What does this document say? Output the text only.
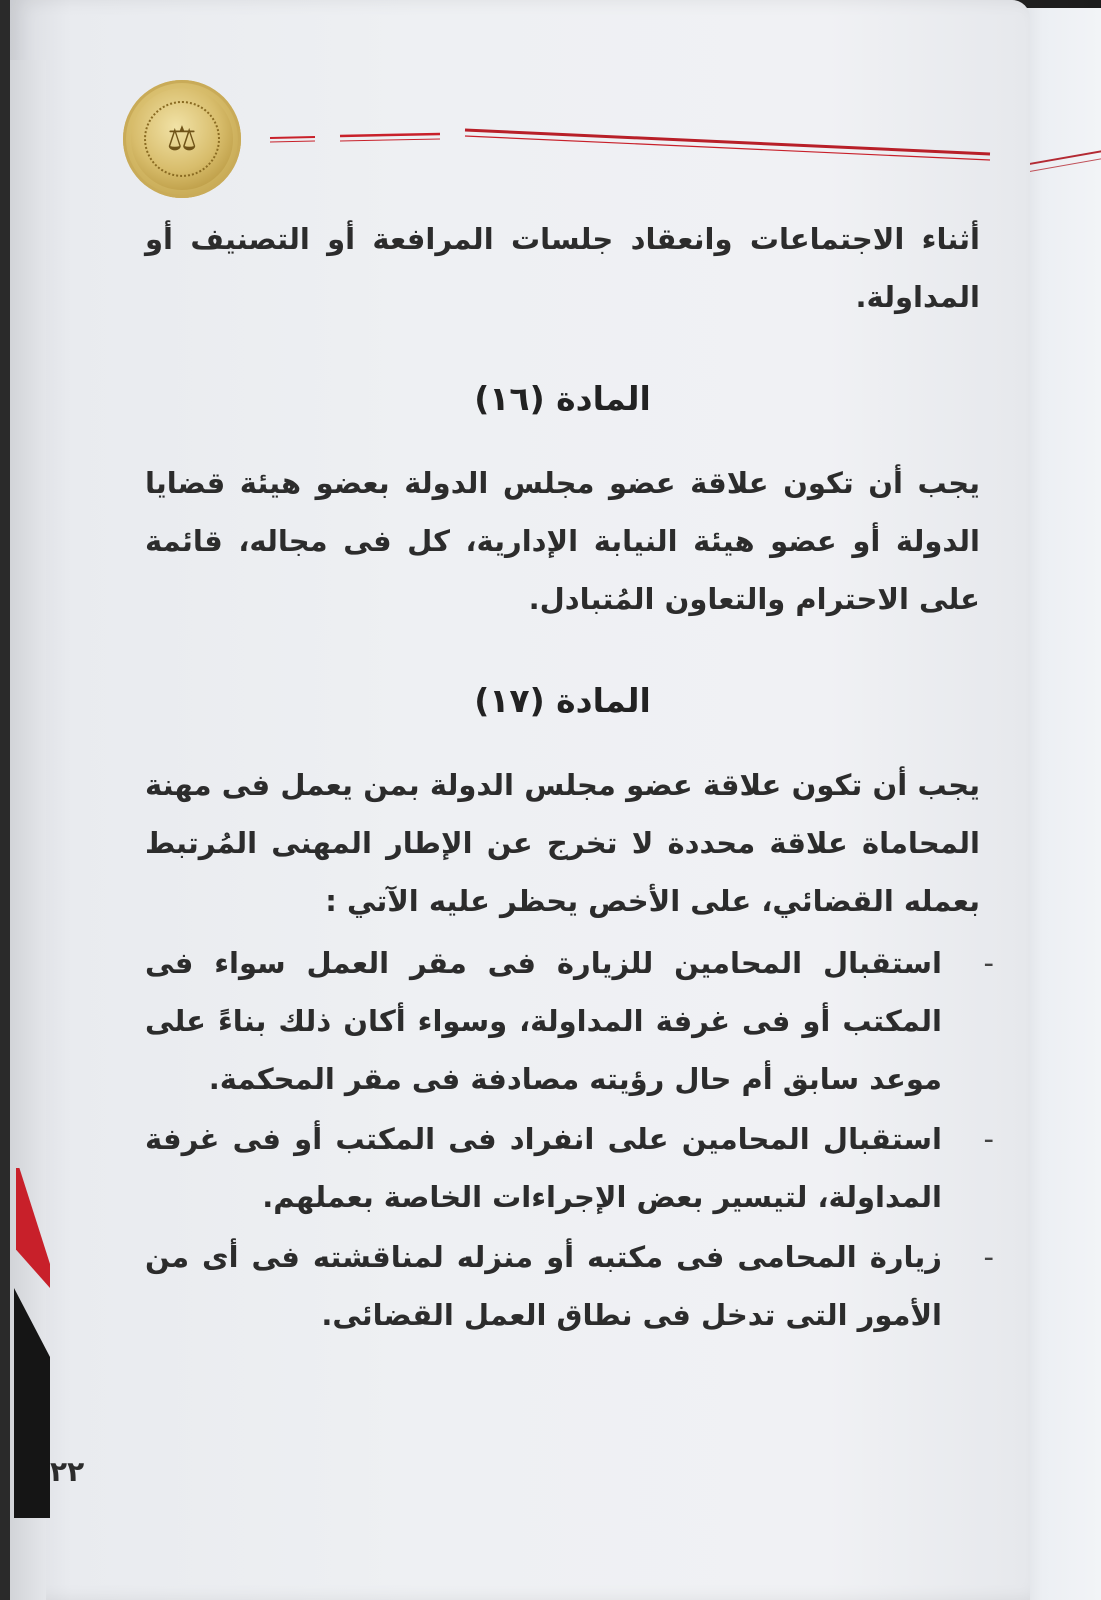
⚖

أثناء الاجتماعات وانعقاد جلسات المرافعة أو التصنيف أو المداولة.

المادة (١٦)

يجب أن تكون علاقة عضو مجلس الدولة بعضو هيئة قضايا الدولة أو عضو هيئة النيابة الإدارية، كل فى مجاله، قائمة على الاحترام والتعاون المُتبادل.

المادة (١٧)

يجب أن تكون علاقة عضو مجلس الدولة بمن يعمل فى مهنة المحاماة علاقة محددة لا تخرج عن الإطار المهنى المُرتبط بعمله القضائي، على الأخص يحظر عليه الآتي :

-
استقبال المحامين للزيارة فى مقر العمل سواء فى المكتب أو فى غرفة المداولة، وسواء أكان ذلك بناءً على موعد سابق أم حال رؤيته مصادفة فى مقر المحكمة.
-
استقبال المحامين على انفراد فى المكتب أو فى غرفة المداولة، لتيسير بعض الإجراءات الخاصة بعملهم.
-
زيارة المحامى فى مكتبه أو منزله لمناقشته فى أى من الأمور التى تدخل فى نطاق العمل القضائى.
٢٢
